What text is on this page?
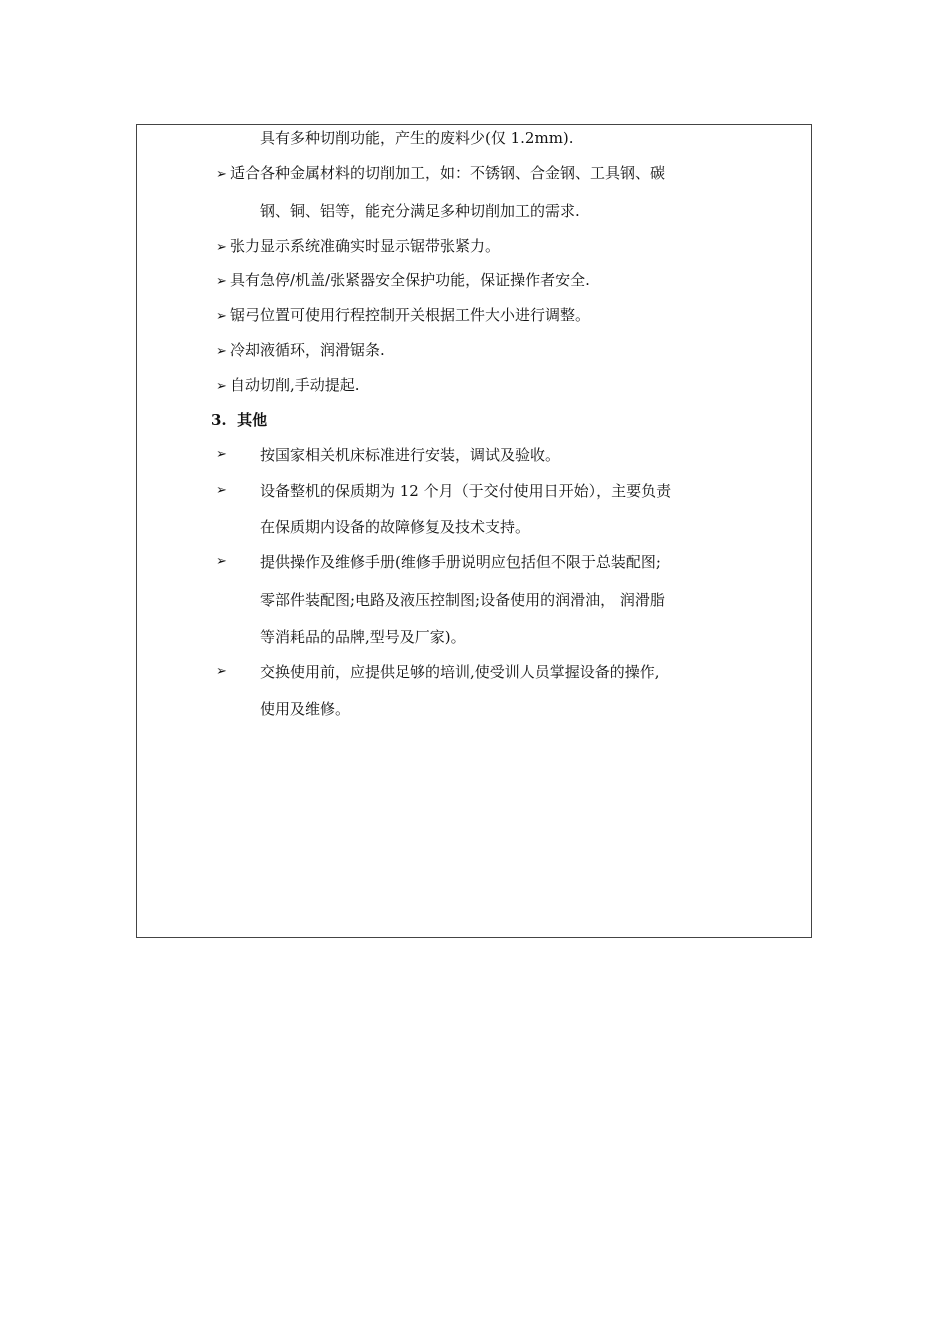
具有多种切削功能，产生的废料少(仅 1.2mm).
➢ 适合各种金属材料的切削加工，如：不锈钢、合金钢、工具钢、碳
钢、铜、铝等，能充分满足多种切削加工的需求.
➢ 张力显示系统准确实时显示锯带张紧力。
➢ 具有急停/机盖/张紧器安全保护功能，保证操作者安全.
➢ 锯弓位置可使用行程控制开关根据工件大小进行调整。
➢ 冷却液循环，润滑锯条.
➢ 自动切削,手动提起.
3. 其他
➢ 按国家相关机床标准进行安装，调试及验收。
➢ 设备整机的保质期为 12 个月（于交付使用日开始），主要负责
在保质期内设备的故障修复及技术支持。
➢ 提供操作及维修手册(维修手册说明应包括但不限于总装配图;
零部件装配图;电路及液压控制图;设备使用的润滑油， 润滑脂
等消耗品的品牌,型号及厂家)。
➢ 交换使用前，应提供足够的培训,使受训人员掌握设备的操作,
使用及维修。
